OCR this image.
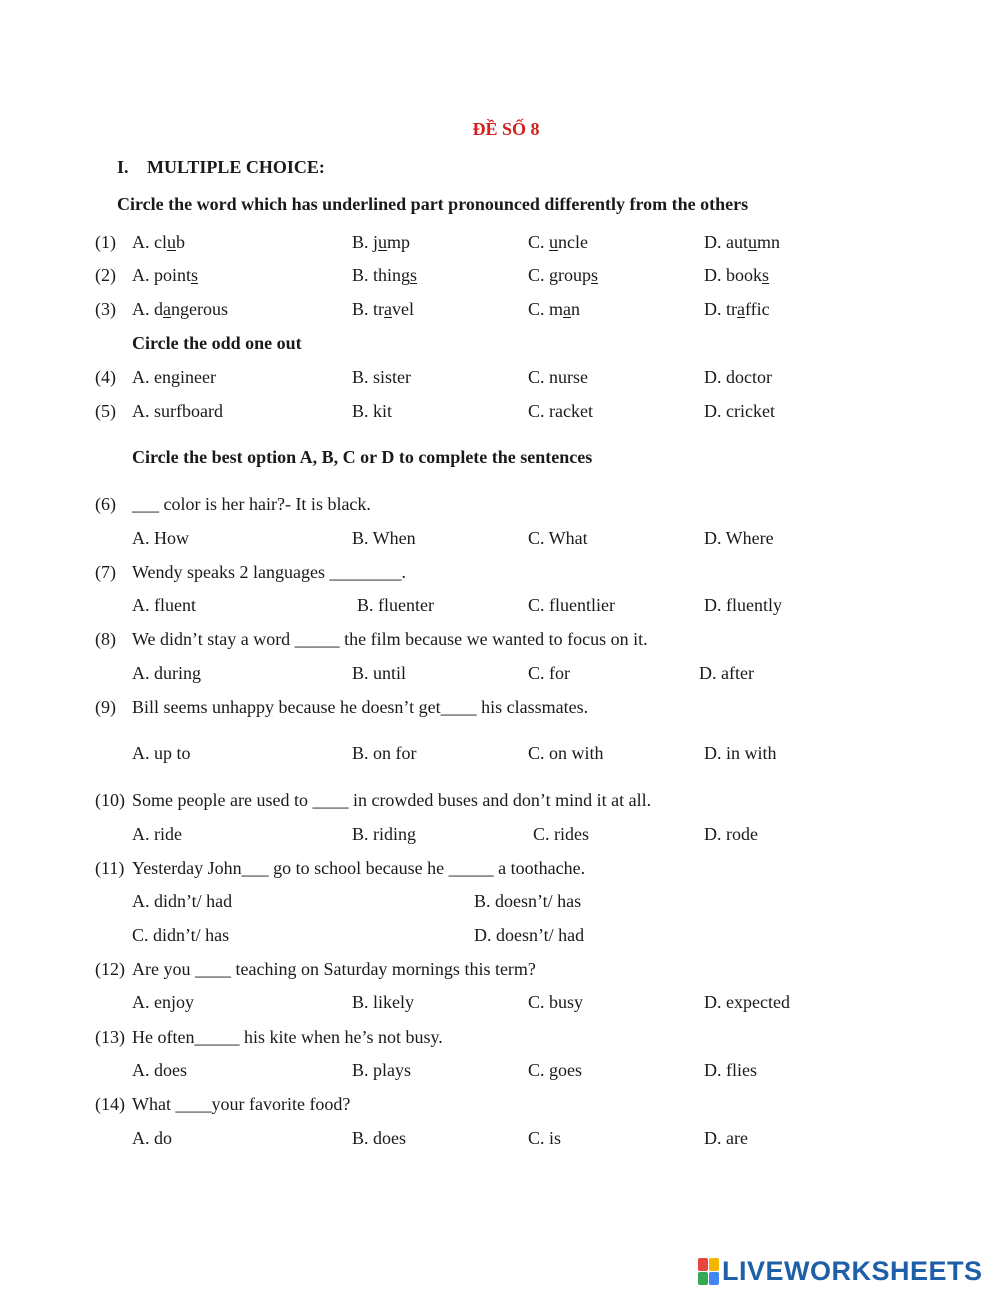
ĐỀ SỐ 8
I. MULTIPLE CHOICE:
Circle the word which has underlined part pronounced differently from the others
(1) A. club	B. jump	C. uncle	D. autumn
(2) A. points	B. things	C. groups	D. books
(3) A. dangerous	B. travel	C. man	D. traffic
Circle the odd one out
(4) A. engineer	B. sister	C. nurse	D. doctor
(5) A. surfboard	B. kit	C. racket	D. cricket
Circle the best option A, B, C or D to complete the sentences
(6) ___ color is her hair?- It is black.
A. How	B. When	C. What	D. Where
(7) Wendy speaks 2 languages ________.
A. fluent	B. fluenter	C. fluentlier	D. fluently
(8) We didn’t stay a word _____ the film because we wanted to focus on it.
A. during	B. until	C. for	D. after
(9) Bill seems unhappy because he doesn’t get____ his classmates.
A. up to	B. on for	C. on with	D. in with
(10) Some people are used to ____ in crowded buses and don’t mind it at all.
A. ride	B. riding	C. rides	D. rode
(11) Yesterday John___ go to school because he _____ a toothache.
A. didn’t/ had	B. doesn’t/ has
C. didn’t/ has	D. doesn’t/ had
(12) Are you ____ teaching on Saturday mornings this term?
A. enjoy	B. likely	C. busy	D. expected
(13) He often_____ his kite when he’s not busy.
A. does	B. plays	C. goes	D. flies
(14) What ____your favorite food?
A. do	B. does	C. is	D. are
LIVEWORKSHEETS
